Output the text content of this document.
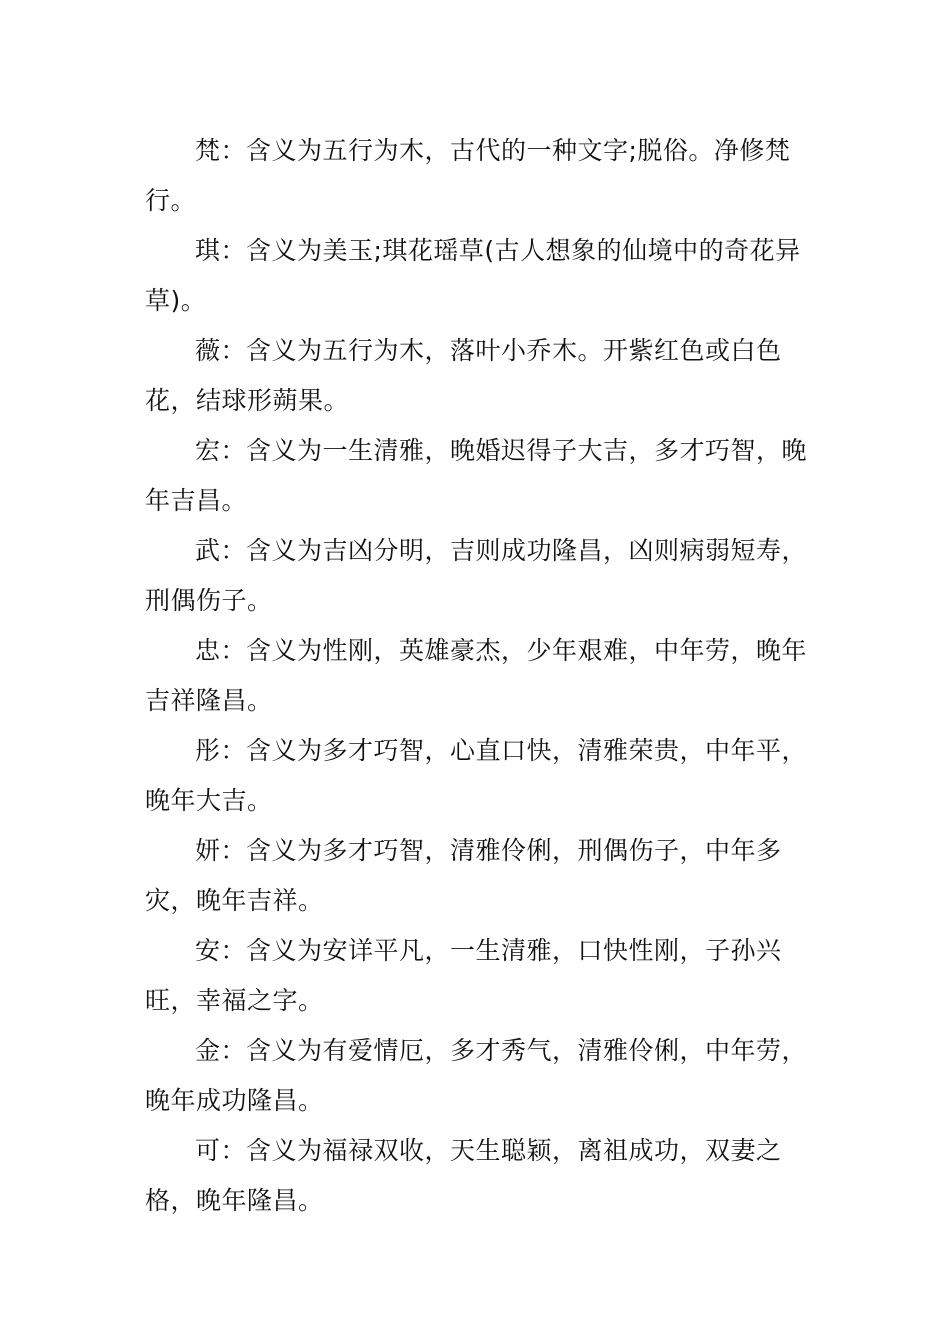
梵：含义为五行为木，古代的一种文字;脱俗。净修梵行。

琪：含义为美玉;琪花瑶草(古人想象的仙境中的奇花异草)。

薇：含义为五行为木，落叶小乔木。开紫红色或白色花，结球形蒴果。

宏：含义为一生清雅，晚婚迟得子大吉，多才巧智，晚年吉昌。

武：含义为吉凶分明，吉则成功隆昌，凶则病弱短寿，刑偶伤子。

忠：含义为性刚，英雄豪杰，少年艰难，中年劳，晚年吉祥隆昌。

彤：含义为多才巧智，心直口快，清雅荣贵，中年平，晚年大吉。

妍：含义为多才巧智，清雅伶俐，刑偶伤子，中年多灾，晚年吉祥。

安：含义为安详平凡，一生清雅，口快性刚，子孙兴旺，幸福之字。

金：含义为有爱情厄，多才秀气，清雅伶俐，中年劳，晚年成功隆昌。

可：含义为福禄双收，天生聪颖，离祖成功，双妻之格，晚年隆昌。
